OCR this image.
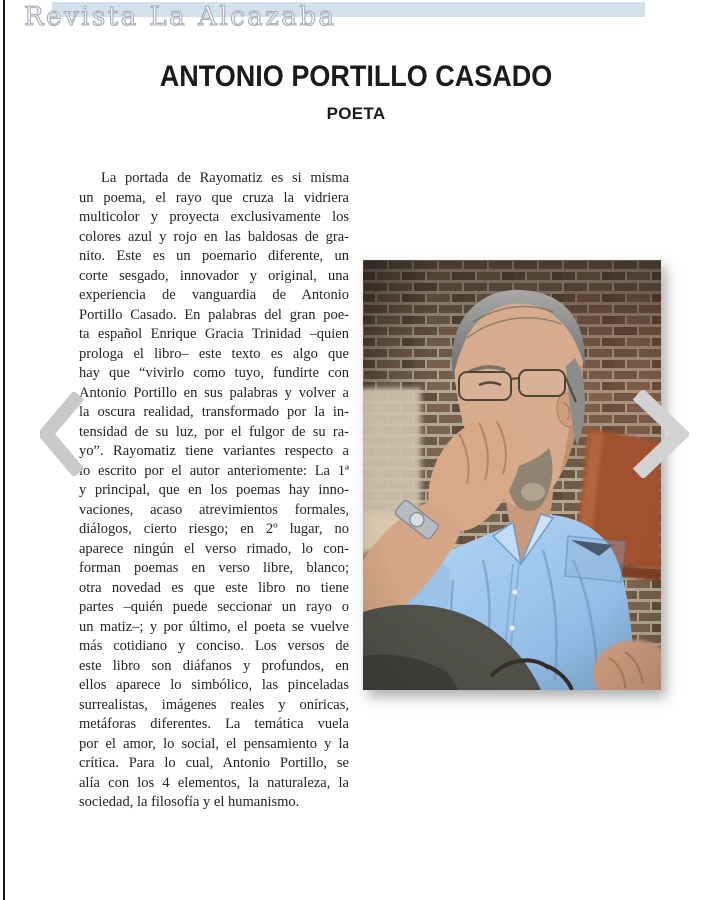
Revista La Alcazaba
ANTONIO PORTILLO CASADO
POETA
La portada de Rayomatiz es si misma
un poema, el rayo que cruza la vidriera
multicolor y proyecta exclusivamente los
colores azul y rojo en las baldosas de gra-
nito. Este es un poemario diferente, un
corte sesgado, innovador y original, una
experiencia de vanguardia de Antonio
Portillo Casado. En palabras del gran poe-
ta español Enrique Gracia Trinidad –quien
prologa el libro– este texto es algo que
hay que “vivirlo como tuyo, fundirte con
Antonio Portillo en sus palabras y volver a
la oscura realidad, transformado por la in-
tensidad de su luz, por el fulgor de su ra-
yo”. Rayomatiz tiene variantes respecto a
lo escrito por el autor anteriomente: La 1ª
y principal, que en los poemas hay inno-
vaciones, acaso atrevimientos formales,
diálogos, cierto riesgo; en 2º lugar, no
aparece ningún el verso rimado, lo con-
forman poemas en verso libre, blanco;
otra novedad es que este libro no tiene
partes –quién puede seccionar un rayo o
un matiz–; y por último, el poeta se vuelve
más cotidiano y conciso. Los versos de
este libro son diáfanos y profundos, en
ellos aparece lo simbólico, las pinceladas
surrealistas, imágenes reales y oníricas,
metáforas diferentes. La temática vuela
por el amor, lo social, el pensamiento y la
crítica. Para lo cual, Antonio Portillo, se
alía con los 4 elementos, la naturaleza, la
sociedad, la filosofía y el humanismo.
